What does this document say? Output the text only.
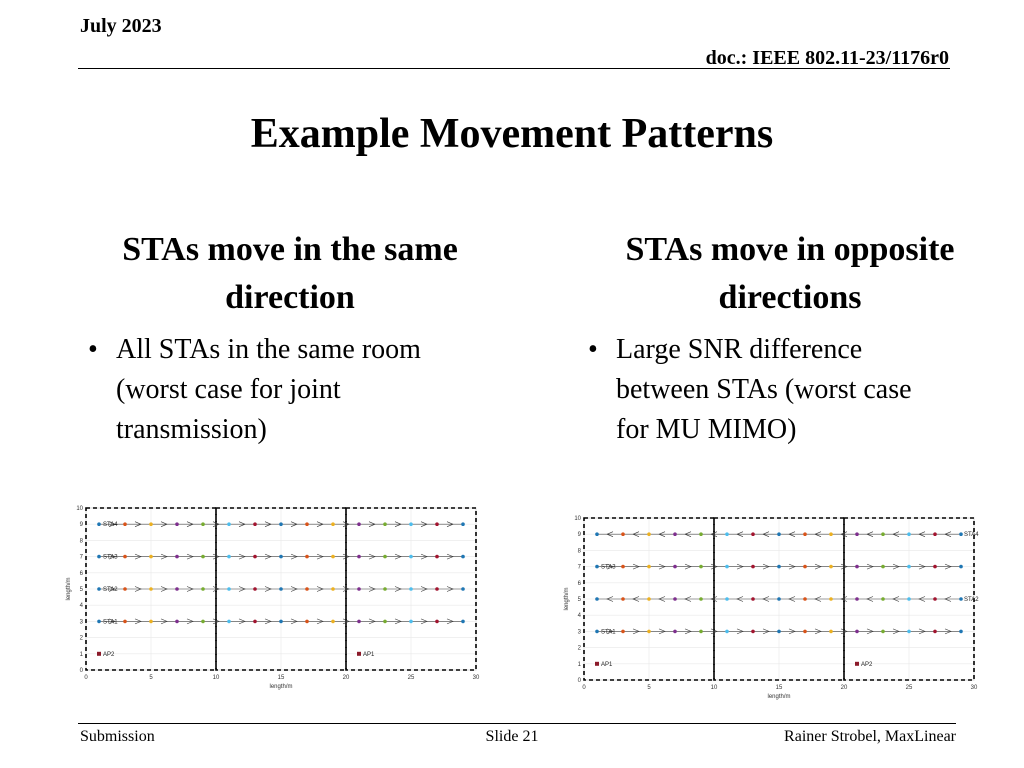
July 2023
doc.: IEEE 802.11-23/1176r0
Example Movement Patterns
STAs move in the same
direction
STAs move in opposite
directions
• All STAs in the same room
(worst case for joint
transmission)
• Large SNR difference
between STAs (worst case
for MU MIMO)
0	5	10	15	20	25	30
0
1
2
3
4
5
6
7
8
9
10
STA4
STA3
STA2
STA1
AP2	AP1
length/m
length/m
0	5	10	15	20	25	30
0
1
2
3
4
5
6
7
8
9
10
STA4
STA3
STA2
STA1
AP1	AP2
length/m
length/m
Submission	Slide 21	Rainer Strobel, MaxLinear
